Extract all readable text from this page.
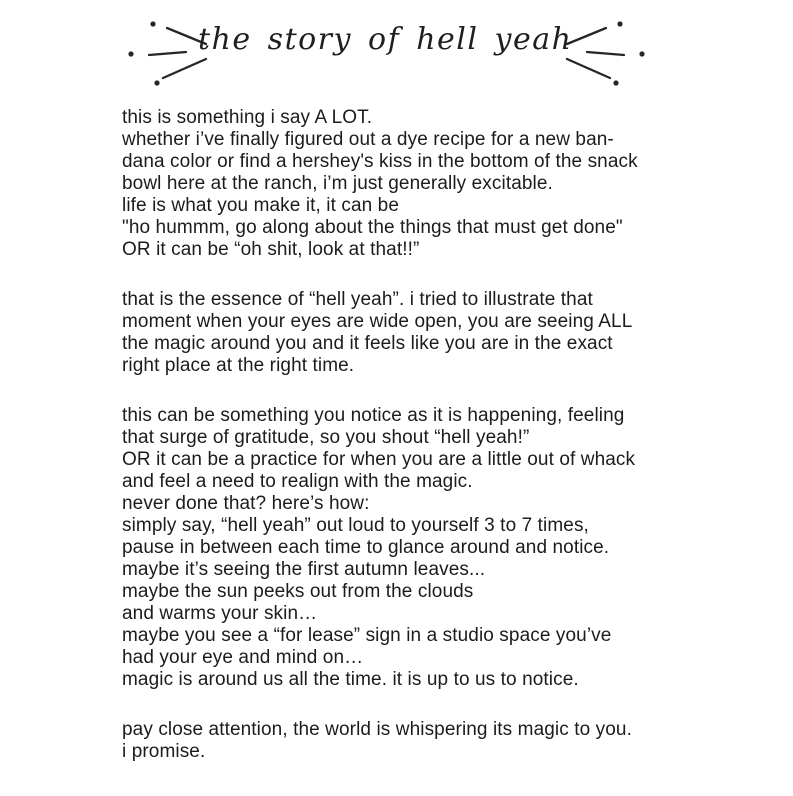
the story of hell yeah
this is something i say A LOT.
whether i’ve finally figured out a dye recipe for a new ban-
dana color or find a hershey's kiss in the bottom of the snack
bowl here at the ranch, i’m just generally excitable.
life is what you make it, it can be
"ho hummm, go along about the things that must get done"
OR it can be “oh shit, look at that!!”
that is the essence of “hell yeah”. i tried to illustrate that
moment when your eyes are wide open, you are seeing ALL
the magic around you and it feels like you are in the exact
right place at the right time.
this can be something you notice as it is happening, feeling
that surge of gratitude, so you shout “hell yeah!”
OR it can be a practice for when you are a little out of whack
and feel a need to realign with the magic.
never done that? here’s how:
simply say, “hell yeah” out loud to yourself 3 to 7 times,
pause in between each time to glance around and notice.
maybe it’s seeing the first autumn leaves...
maybe the sun peeks out from the clouds
and warms your skin…
maybe you see a “for lease” sign in a studio space you’ve
had your eye and mind on…
magic is around us all the time. it is up to us to notice.
pay close attention, the world is whispering its magic to you.
i promise.
